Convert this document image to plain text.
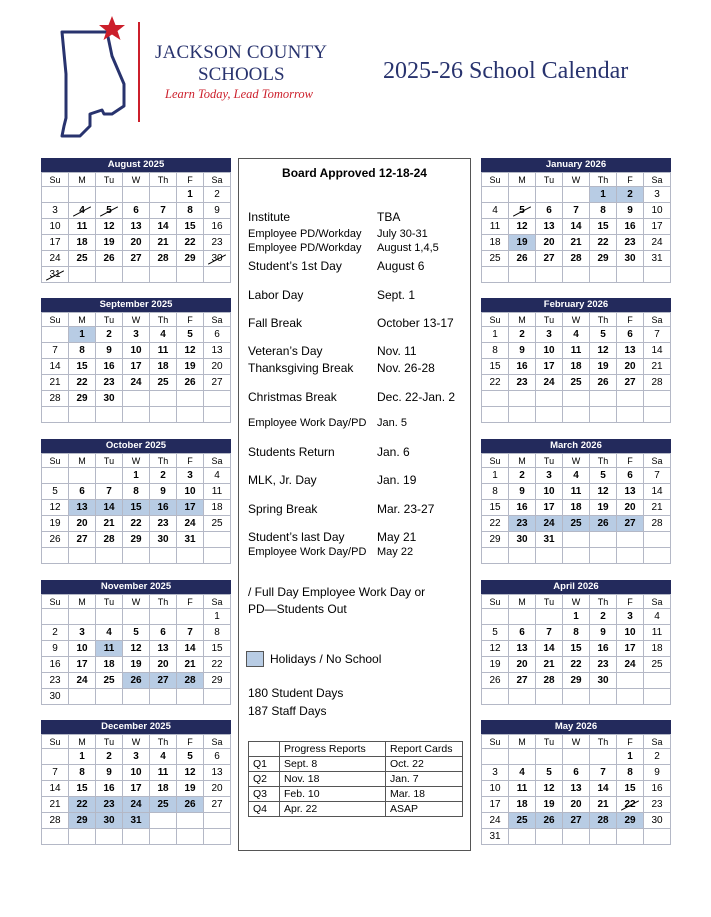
JACKSON COUNTY
SCHOOLS
Learn Today, Lead Tomorrow
2025-26 School Calendar
August 2025
Su	M	Tu	W	Th	F	Sa
					1	2
3	4	5	6	7	8	9
10	11	12	13	14	15	16
17	18	19	20	21	22	23
24	25	26	27	28	29	30
31						
September 2025
Su	M	Tu	W	Th	F	Sa
	1	2	3	4	5	6
7	8	9	10	11	12	13
14	15	16	17	18	19	20
21	22	23	24	25	26	27
28	29	30				

October 2025
Su	M	Tu	W	Th	F	Sa
			1	2	3	4
5	6	7	8	9	10	11
12	13	14	15	16	17	18
19	20	21	22	23	24	25
26	27	28	29	30	31	

November 2025
Su	M	Tu	W	Th	F	Sa
						1
2	3	4	5	6	7	8
9	10	11	12	13	14	15
16	17	18	19	20	21	22
23	24	25	26	27	28	29
30						
December 2025
Su	M	Tu	W	Th	F	Sa
	1	2	3	4	5	6
7	8	9	10	11	12	13
14	15	16	17	18	19	20
21	22	23	24	25	26	27
28	29	30	31			

January 2026
Su	M	Tu	W	Th	F	Sa
				1	2	3
4	5	6	7	8	9	10
11	12	13	14	15	16	17
18	19	20	21	22	23	24
25	26	27	28	29	30	31

February 2026
Su	M	Tu	W	Th	F	Sa
1	2	3	4	5	6	7
8	9	10	11	12	13	14
15	16	17	18	19	20	21
22	23	24	25	26	27	28

March 2026
Su	M	Tu	W	Th	F	Sa
1	2	3	4	5	6	7
8	9	10	11	12	13	14
15	16	17	18	19	20	21
22	23	24	25	26	27	28
29	30	31				

April 2026
Su	M	Tu	W	Th	F	Sa
			1	2	3	4
5	6	7	8	9	10	11
12	13	14	15	16	17	18
19	20	21	22	23	24	25
26	27	28	29	30		

May 2026
Su	M	Tu	W	Th	F	Sa
					1	2
3	4	5	6	7	8	9
10	11	12	13	14	15	16
17	18	19	20	21	22	23
24	25	26	27	28	29	30
31						
Board Approved 12-18-24
Institute	TBA
Employee PD/Workday July 30-31
Employee PD/Workday August 1,4,5
Student’s 1st Day	August 6
Labor Day	Sept. 1
Fall Break	October 13-17
Veteran’s Day	Nov. 11
Thanksgiving Break Nov. 26-28
Christmas Break	Dec. 22-Jan. 2
Employee Work Day/PD Jan. 5
Students Return	Jan. 6
MLK, Jr. Day	Jan. 19
Spring Break	Mar. 23-27
Student’s last Day	May 21
Employee Work Day/PD May 22
/ Full Day Employee Work Day or
PD—Students Out
Holidays / No School
180 Student Days
187 Staff Days
	Progress Reports	Report Cards
Q1	Sept. 8	Oct. 22
Q2	Nov. 18	Jan. 7
Q3	Feb. 10	Mar. 18
Q4	Apr. 22	ASAP
